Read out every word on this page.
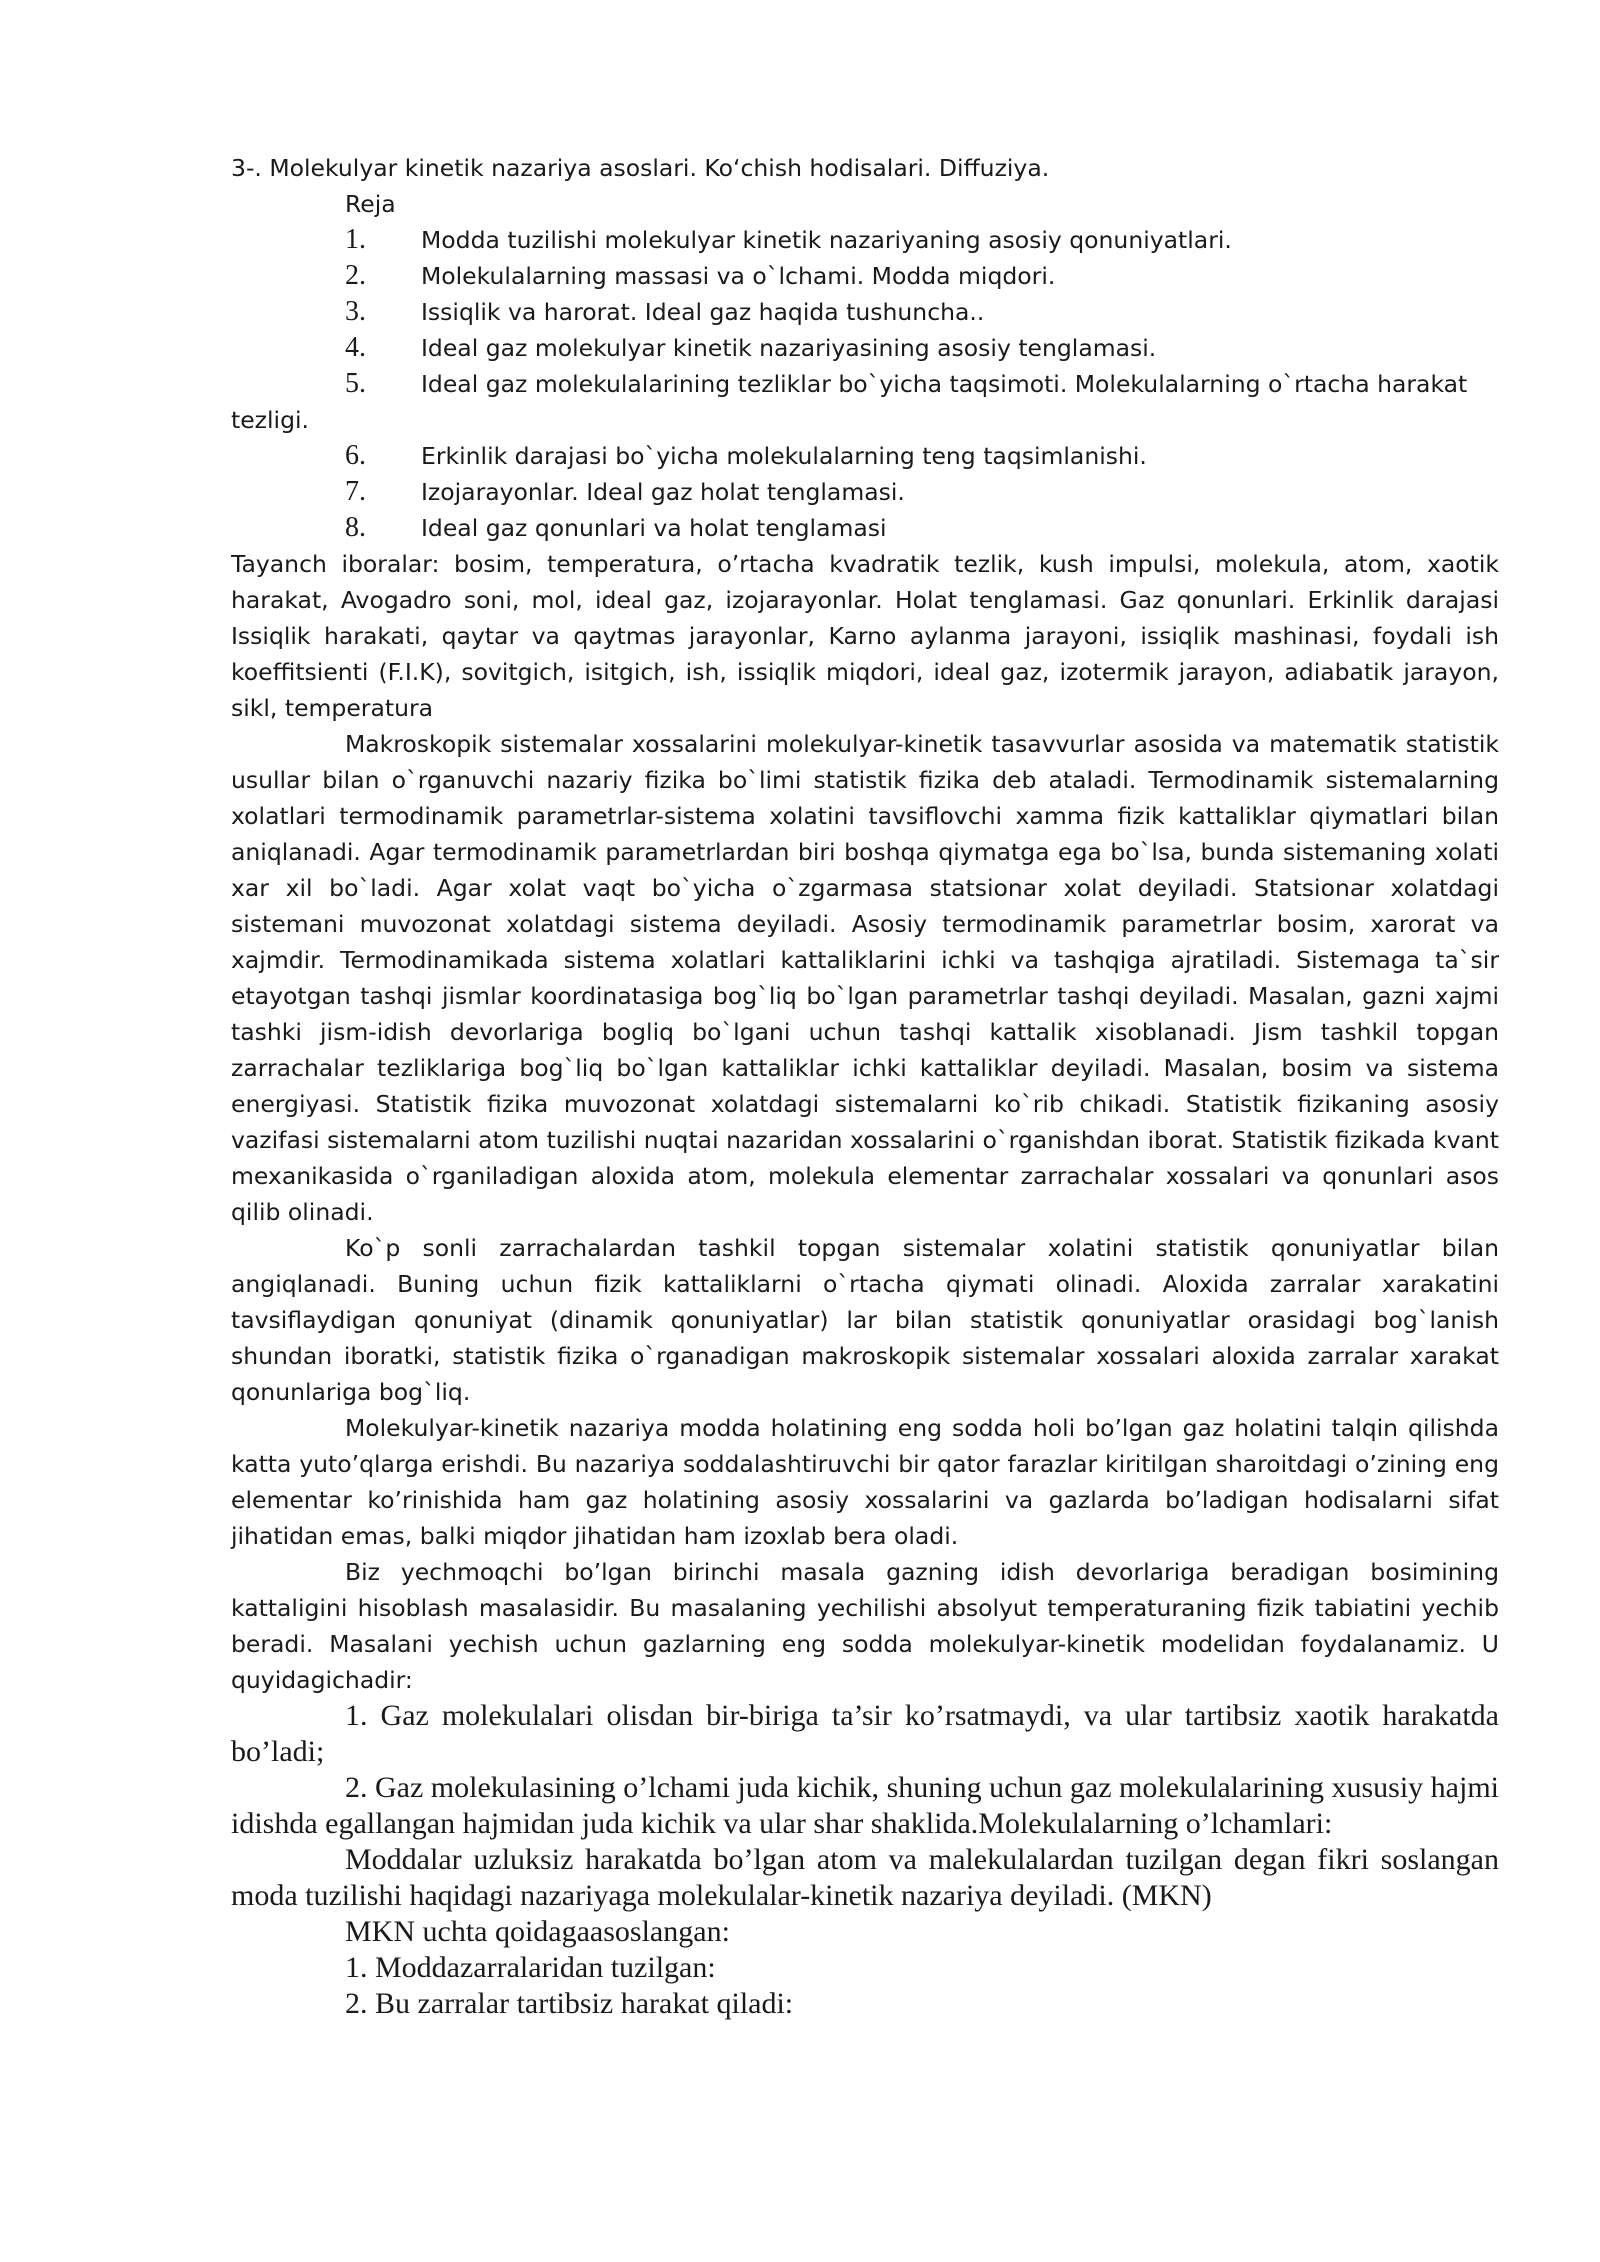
3-. Molekulyar kinetik nazariya asoslari. Ko‘chish hodisalari. Diffuziya.

Reja

1.	Modda tuzilishi molekulyar kinetik nazariyaning asosiy qonuniyatlari.
2.	Molekulalarning massasi va o`lchami. Modda miqdori.
3.	Issiqlik va harorat. Ideal gaz haqida tushuncha..
4.	Ideal gaz molekulyar kinetik nazariyasining asosiy tenglamasi.
5.	Ideal gaz molekulalarining tezliklar bo`yicha taqsimoti. Molekulalarning o`rtacha harakat

tezligi.

6.	Erkinlik darajasi bo`yicha molekulalarning teng taqsimlanishi.
7.	Izojarayonlar. Ideal gaz holat tenglamasi.
8.	Ideal gaz qonunlari va holat tenglamasi

Tayanch iboralar: bosim, temperatura, o’rtacha kvadratik tezlik, kush impulsi, molekula, atom, xaotik harakat, Avogadro soni, mol, ideal gaz, izojarayonlar. Holat tenglamasi. Gaz qonunlari. Erkinlik darajasi Issiqlik harakati, qaytar va qaytmas jarayonlar, Karno aylanma jarayoni, issiqlik mashinasi, foydali ish koeffitsienti (F.I.K), sovitgich, isitgich, ish, issiqlik miqdori, ideal gaz, izotermik jarayon, adiabatik jarayon, sikl, temperatura

Makroskopik sistemalar xossalarini molekulyar-kinetik tasavvurlar asosida va matematik statistik usullar bilan o`rganuvchi nazariy fizika bo`limi statistik fizika deb ataladi. Termodinamik sistemalarning xolatlari termodinamik parametrlar-sistema xolatini tavsiflovchi xamma fizik kattaliklar qiymatlari bilan aniqlanadi. Agar termodinamik parametrlardan biri boshqa qiymatga ega bo`lsa, bunda sistemaning xolati xar xil bo`ladi. Agar xolat vaqt bo`yicha o`zgarmasa statsionar xolat deyiladi. Statsionar xolatdagi sistemani muvozonat xolatdagi sistema deyiladi. Asosiy termodinamik parametrlar bosim, xarorat va xajmdir. Termodinamikada sistema xolatlari kattaliklarini ichki va tashqiga ajratiladi. Sistemaga ta`sir etayotgan tashqi jismlar koordinatasiga bog`liq bo`lgan parametrlar tashqi deyiladi. Masalan, gazni xajmi tashki jism-idish devorlariga bogliq bo`lgani uchun tashqi kattalik xisoblanadi. Jism tashkil topgan zarrachalar tezliklariga bog`liq bo`lgan kattaliklar ichki kattaliklar deyiladi. Masalan, bosim va sistema energiyasi. Statistik fizika muvozonat xolatdagi sistemalarni ko`rib chikadi. Statistik fizikaning asosiy vazifasi sistemalarni atom tuzilishi nuqtai nazaridan xossalarini o`rganishdan iborat. Statistik fizikada kvant mexanikasida o`rganiladigan aloxida atom, molekula elementar zarrachalar xossalari va qonunlari asos qilib olinadi.

Ko`p sonli zarrachalardan tashkil topgan sistemalar xolatini statistik qonuniyatlar bilan angiqlanadi. Buning uchun fizik kattaliklarni o`rtacha qiymati olinadi. Aloxida zarralar xarakatini tavsiflaydigan qonuniyat (dinamik qonuniyatlar) lar bilan statistik qonuniyatlar orasidagi bog`lanish shundan iboratki, statistik fizika o`rganadigan makroskopik sistemalar xossalari aloxida zarralar xarakat qonunlariga bog`liq.

Molekulyar-kinetik nazariya modda holatining eng sodda holi bo’lgan gaz holatini talqin qilishda katta yuto’qlarga erishdi. Bu nazariya soddalashtiruvchi bir qator farazlar kiritilgan sharoitdagi o’zining eng elementar ko’rinishida ham gaz holatining asosiy xossalarini va gazlarda bo’ladigan hodisalarni sifat jihatidan emas, balki miqdor jihatidan ham izoxlab bera oladi.

Biz yechmoqchi bo’lgan birinchi masala gazning idish devorlariga beradigan bosimining kattaligini hisoblash masalasidir. Bu masalaning yechilishi absolyut temperaturaning fizik tabiatini yechib beradi. Masalani yechish uchun gazlarning eng sodda molekulyar-kinetik modelidan foydalanamiz. U quyidagichadir:

1. Gaz molekulalari olisdan bir-biriga ta’sir ko’rsatmaydi, va ular tartibsiz xaotik harakatda bo’ladi;

2. Gaz molekulasining o’lchami juda kichik, shuning uchun gaz molekulalarining xususiy hajmi idishda egallangan hajmidan juda kichik va ular shar shaklida.Molekulalarning o’lchamlari:

Moddalar uzluksiz harakatda bo’lgan atom va malekulalardan tuzilgan degan fikri soslangan moda tuzilishi haqidagi nazariyaga molekulalar-kinetik nazariya deyiladi. (MKN)

MKN uchta qoidagaasoslangan:

1. Moddazarralaridan tuzilgan:

2. Bu zarralar tartibsiz harakat qiladi:
